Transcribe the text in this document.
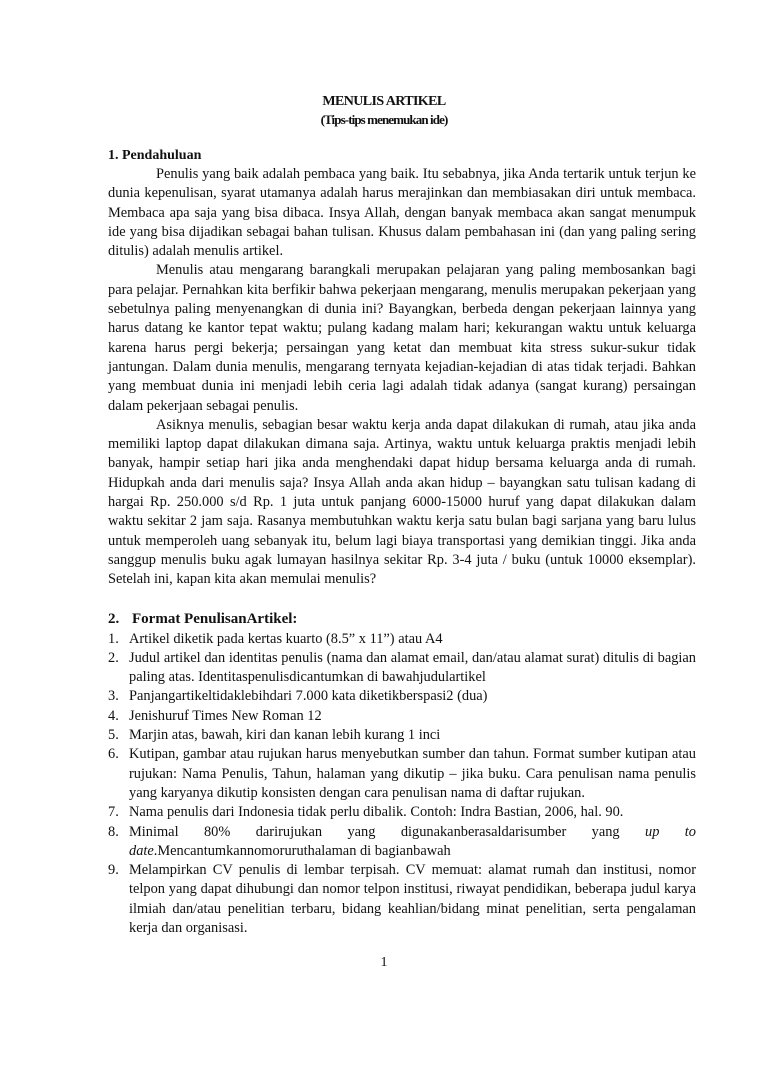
MENULIS ARTIKEL
(Tips-tips menemukan ide)

1. Pendahuluan

Penulis yang baik adalah pembaca yang baik. Itu sebabnya, jika Anda tertarik untuk terjun ke dunia kepenulisan, syarat utamanya adalah harus merajinkan dan membiasakan diri untuk membaca. Membaca apa saja yang bisa dibaca. Insya Allah, dengan banyak membaca akan sangat menumpuk ide yang bisa dijadikan sebagai bahan tulisan. Khusus dalam pembahasan ini (dan yang paling sering ditulis) adalah menulis artikel.

Menulis atau mengarang barangkali merupakan pelajaran yang paling membosankan bagi para pelajar. Pernahkan kita berfikir bahwa pekerjaan mengarang, menulis merupakan pekerjaan yang sebetulnya paling menyenangkan di dunia ini? Bayangkan, berbeda dengan pekerjaan lainnya yang harus datang ke kantor tepat waktu; pulang kadang malam hari; kekurangan waktu untuk keluarga karena harus pergi bekerja; persaingan yang ketat dan membuat kita stress sukur-sukur tidak jantungan. Dalam dunia menulis, mengarang ternyata kejadian-kejadian di atas tidak terjadi. Bahkan yang membuat dunia ini menjadi lebih ceria lagi adalah tidak adanya (sangat kurang) persaingan dalam pekerjaan sebagai penulis.

Asiknya menulis, sebagian besar waktu kerja anda dapat dilakukan di rumah, atau jika anda memiliki laptop dapat dilakukan dimana saja. Artinya, waktu untuk keluarga praktis menjadi lebih banyak, hampir setiap hari jika anda menghendaki dapat hidup bersama keluarga anda di rumah. Hidupkah anda dari menulis saja? Insya Allah anda akan hidup – bayangkan satu tulisan kadang di hargai Rp. 250.000 s/d Rp. 1 juta untuk panjang 6000-15000 huruf yang dapat dilakukan dalam waktu sekitar 2 jam saja. Rasanya membutuhkan waktu kerja satu bulan bagi sarjana yang baru lulus untuk memperoleh uang sebanyak itu, belum lagi biaya transportasi yang demikian tinggi. Jika anda sanggup menulis buku agak lumayan hasilnya sekitar Rp. 3-4 juta / buku (untuk 10000 eksemplar). Setelah ini, kapan kita akan memulai menulis?

2. Format PenulisanArtikel:

1. Artikel diketik pada kertas kuarto (8.5” x 11”) atau A4
2. Judul artikel dan identitas penulis (nama dan alamat email, dan/atau alamat surat) ditulis di bagian paling atas. Identitaspenulisdicantumkan di bawahjudulartikel
3. Panjangartikeltidaklebihdari 7.000 kata diketikberspasi2 (dua)
4. Jenishuruf Times New Roman 12
5. Marjin atas, bawah, kiri dan kanan lebih kurang 1 inci
6. Kutipan, gambar atau rujukan harus menyebutkan sumber dan tahun. Format sumber kutipan atau rujukan: Nama Penulis, Tahun, halaman yang dikutip – jika buku. Cara penulisan nama penulis yang karyanya dikutip konsisten dengan cara penulisan nama di daftar rujukan.
7. Nama penulis dari Indonesia tidak perlu dibalik. Contoh: Indra Bastian, 2006, hal. 90.
8. Minimal 80% darirujukan yang digunakanberasaldarisumber yang up to date.Mencantumkannomoruruthalaman di bagianbawah
9. Melampirkan CV penulis di lembar terpisah. CV memuat: alamat rumah dan institusi, nomor telpon yang dapat dihubungi dan nomor telpon institusi, riwayat pendidikan, beberapa judul karya ilmiah dan/atau penelitian terbaru, bidang keahlian/bidang minat penelitian, serta pengalaman kerja dan organisasi.
1
